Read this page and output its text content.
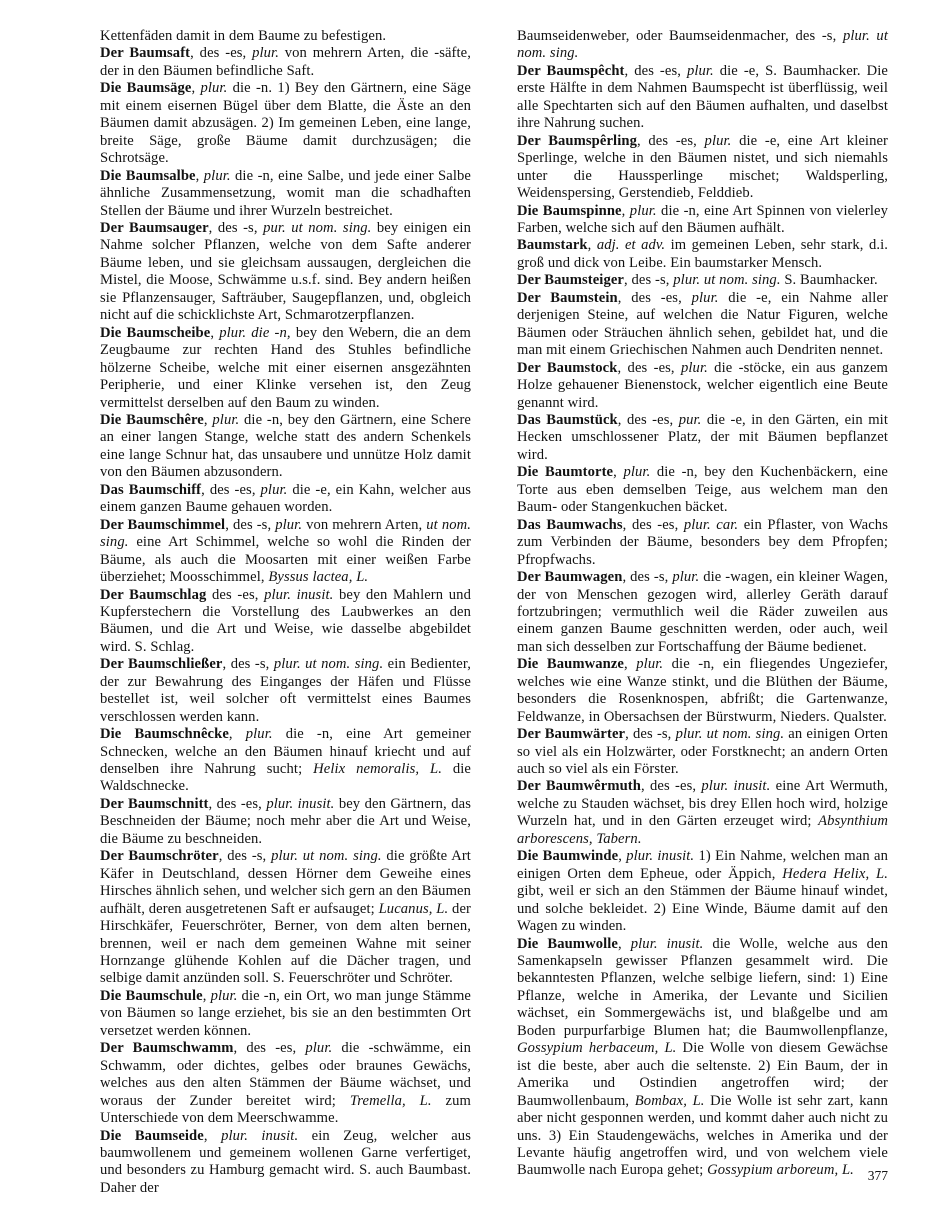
Kettenfäden damit in dem Baume zu befestigen.

Der Baumsaft, des -es, plur. von mehrern Arten, die -säfte, der in den Bäumen befindliche Saft.

Die Baumsäge, plur. die -n. 1) Bey den Gärtnern, eine Säge mit einem eisernen Bügel über dem Blatte, die Äste an den Bäumen damit abzusägen. 2) Im gemeinen Leben, eine lange, breite Säge, große Bäume damit durchzusägen; die Schrotsäge.

Die Baumsalbe, plur. die -n, eine Salbe, und jede einer Salbe ähnliche Zusammensetzung, womit man die schadhaften Stellen der Bäume und ihrer Wurzeln bestreichet.

Der Baumsauger, des -s, pur. ut nom. sing. bey einigen ein Nahme solcher Pflanzen, welche von dem Safte anderer Bäume leben, und sie gleichsam aussaugen, dergleichen die Mistel, die Moose, Schwämme u.s.f. sind. Bey andern heißen sie Pflanzensauger, Safträuber, Saugepflanzen, und, obgleich nicht auf die schicklichste Art, Schmarotzerpflanzen.

Die Baumscheibe, plur. die -n, bey den Webern, die an dem Zeugbaume zur rechten Hand des Stuhles befindliche hölzerne Scheibe, welche mit einer eisernen ansgezähnten Peripherie, und einer Klinke versehen ist, den Zeug vermittelst derselben auf den Baum zu winden.

Die Baumschêre, plur. die -n, bey den Gärtnern, eine Schere an einer langen Stange, welche statt des andern Schenkels eine lange Schnur hat, das unsaubere und unnütze Holz damit von den Bäumen abzusondern.

Das Baumschiff, des -es, plur. die -e, ein Kahn, welcher aus einem ganzen Baume gehauen worden.

Der Baumschimmel, des -s, plur. von mehrern Arten, ut nom. sing. eine Art Schimmel, welche so wohl die Rinden der Bäume, als auch die Moosarten mit einer weißen Farbe überziehet; Moosschimmel, Byssus lactea, L.

Der Baumschlag des -es, plur. inusit. bey den Mahlern und Kupferstechern die Vorstellung des Laubwerkes an den Bäumen, und die Art und Weise, wie dasselbe abgebildet wird. S. Schlag.

Der Baumschließer, des -s, plur. ut nom. sing. ein Bedienter, der zur Bewahrung des Einganges der Häfen und Flüsse bestellet ist, weil solcher oft vermittelst eines Baumes verschlossen werden kann.

Die Baumschnêcke, plur. die -n, eine Art gemeiner Schnecken, welche an den Bäumen hinauf kriecht und auf denselben ihre Nahrung sucht; Helix nemoralis, L. die Waldschnecke.

Der Baumschnitt, des -es, plur. inusit. bey den Gärtnern, das Beschneiden der Bäume; noch mehr aber die Art und Weise, die Bäume zu beschneiden.

Der Baumschröter, des -s, plur. ut nom. sing. die größte Art Käfer in Deutschland, dessen Hörner dem Geweihe eines Hirsches ähnlich sehen, und welcher sich gern an den Bäumen aufhält, deren ausgetretenen Saft er aufsauget; Lucanus, L. der Hirschkäfer, Feuerschröter, Berner, von dem alten bernen, brennen, weil er nach dem gemeinen Wahne mit seiner Hornzange glühende Kohlen auf die Dächer tragen, und selbige damit anzünden soll. S. Feuerschröter und Schröter.

Die Baumschule, plur. die -n, ein Ort, wo man junge Stämme von Bäumen so lange erziehet, bis sie an den bestimmten Ort versetzet werden können.

Der Baumschwamm, des -es, plur. die -schwämme, ein Schwamm, oder dichtes, gelbes oder braunes Gewächs, welches aus den alten Stämmen der Bäume wächset, und woraus der Zunder bereitet wird; Tremella, L. zum Unterschiede von dem Meerschwamme.

Die Baumseide, plur. inusit. ein Zeug, welcher aus baumwollenem und gemeinem wollenen Garne verfertiget, und besonders zu Hamburg gemacht wird. S. auch Baumbast. Daher der

Baumseidenweber, oder Baumseidenmacher, des -s, plur. ut nom. sing.

Der Baumspêcht, des -es, plur. die -e, S. Baumhacker. Die erste Hälfte in dem Nahmen Baumspecht ist überflüssig, weil alle Spechtarten sich auf den Bäumen aufhalten, und daselbst ihre Nahrung suchen.

Der Baumspêrling, des -es, plur. die -e, eine Art kleiner Sperlinge, welche in den Bäumen nistet, und sich niemahls unter die Haussperlinge mischet; Waldsperling, Weidenspersing, Gerstendieb, Felddieb.

Die Baumspinne, plur. die -n, eine Art Spinnen von vielerley Farben, welche sich auf den Bäumen aufhält.

Baumstark, adj. et adv. im gemeinen Leben, sehr stark, d.i. groß und dick von Leibe. Ein baumstarker Mensch.

Der Baumsteiger, des -s, plur. ut nom. sing. S. Baumhacker.

Der Baumstein, des -es, plur. die -e, ein Nahme aller derjenigen Steine, auf welchen die Natur Figuren, welche Bäumen oder Sträuchen ähnlich sehen, gebildet hat, und die man mit einem Griechischen Nahmen auch Dendriten nennet.

Der Baumstock, des -es, plur. die -stöcke, ein aus ganzem Holze gehauener Bienenstock, welcher eigentlich eine Beute genannt wird.

Das Baumstück, des -es, pur. die -e, in den Gärten, ein mit Hecken umschlossener Platz, der mit Bäumen bepflanzet wird.

Die Baumtorte, plur. die -n, bey den Kuchenbäckern, eine Torte aus eben demselben Teige, aus welchem man den Baum- oder Stangenkuchen bäcket.

Das Baumwachs, des -es, plur. car. ein Pflaster, von Wachs zum Verbinden der Bäume, besonders bey dem Pfropfen; Pfropfwachs.

Der Baumwagen, des -s, plur. die -wagen, ein kleiner Wagen, der von Menschen gezogen wird, allerley Geräth darauf fortzubringen; vermuthlich weil die Räder zuweilen aus einem ganzen Baume geschnitten werden, oder auch, weil man sich desselben zur Fortschaffung der Bäume bedienet.

Die Baumwanze, plur. die -n, ein fliegendes Ungeziefer, welches wie eine Wanze stinkt, und die Blüthen der Bäume, besonders die Rosenknospen, abfrißt; die Gartenwanze, Feldwanze, in Obersachsen der Bürstwurm, Nieders. Qualster.

Der Baumwärter, des -s, plur. ut nom. sing. an einigen Orten so viel als ein Holzwärter, oder Forstknecht; an andern Orten auch so viel als ein Förster.

Der Baumwêrmuth, des -es, plur. inusit. eine Art Wermuth, welche zu Stauden wächset, bis drey Ellen hoch wird, holzige Wurzeln hat, und in den Gärten erzeuget wird; Absynthium arborescens, Tabern.

Die Baumwinde, plur. inusit. 1) Ein Nahme, welchen man an einigen Orten dem Epheue, oder Äppich, Hedera Helix, L. gibt, weil er sich an den Stämmen der Bäume hinauf windet, und solche bekleidet. 2) Eine Winde, Bäume damit auf den Wagen zu winden.

Die Baumwolle, plur. inusit. die Wolle, welche aus den Samenkapseln gewisser Pflanzen gesammelt wird. Die bekanntesten Pflanzen, welche selbige liefern, sind: 1) Eine Pflanze, welche in Amerika, der Levante und Sicilien wächset, ein Sommergewächs ist, und blaßgelbe und am Boden purpurfarbige Blumen hat; die Baumwollenpflanze, Gossypium herbaceum, L. Die Wolle von diesem Gewächse ist die beste, aber auch die seltenste. 2) Ein Baum, der in Amerika und Ostindien angetroffen wird; der Baumwollenbaum, Bombax, L. Die Wolle ist sehr zart, kann aber nicht gesponnen werden, und kommt daher auch nicht zu uns. 3) Ein Staudengewächs, welches in Amerika und der Levante häufig angetroffen wird, und von welchem viele Baumwolle nach Europa gehet; Gossypium arboreum, L.	377
